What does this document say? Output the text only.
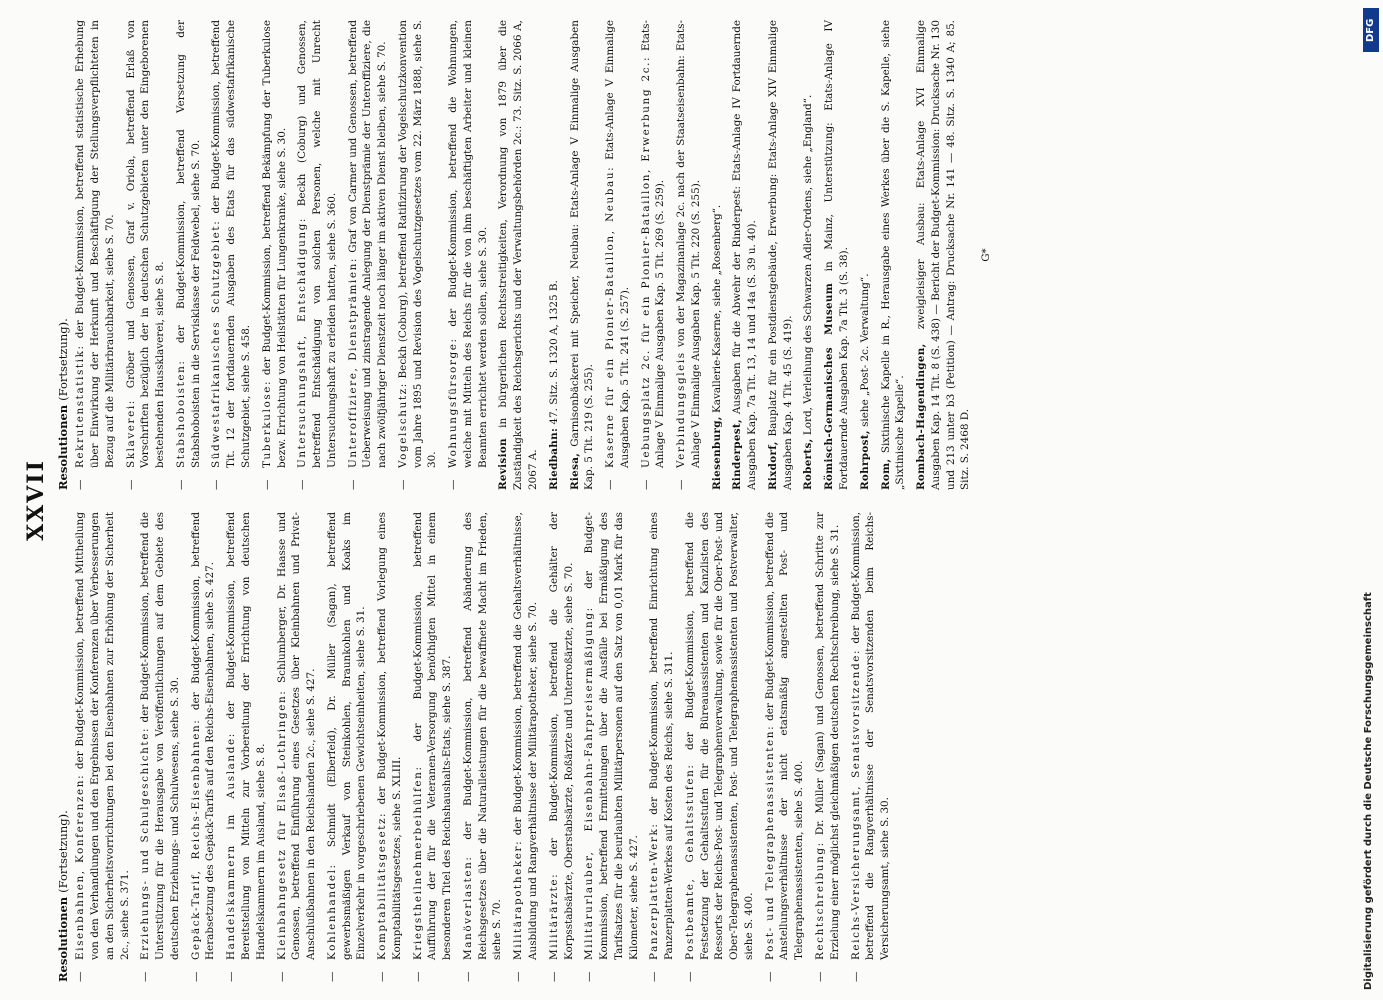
XXVII
Resolutionen (Fortsetzung). — Eisenbahnen, Konferenzen: der Budget-Kommission, betreffend Mittheilung von den Verhandlungen und den Ergebnissen der Konferenzen über Verbesserungen an den Sicherheitsvorrichtungen bei den Eisenbahnen zur Erhöhung der Sicherheit 2c., siehe S. 371. — Erziehungs- und Schulgeschichte: der Budget-Kommission, betreffend die Unterstützung für die Herausgabe von Veröffentlichungen auf dem Gebiete des deutschen Erziehungs- und Schulwesens, siehe S. 30. — Gepäck-Tarif, Reichs-Eisenbahnen: der Budget-Kommission, betreffend Herabsetzung des Gepäck-Tarifs auf den Reichs-Eisenbahnen, siehe S. 427. — Handelskammern im Auslande: der Budget-Kommission, betreffend Bereitstellung von Mitteln zur Vorbereitung der Errichtung von deutschen Handelskammern im Ausland, siehe S. 8. — Kleinbahngesetz für Elsaß-Lothringen: Schlumberger, Dr. Haasse und Genossen, betreffend Einführung eines Gesetzes über Kleinbahnen und Privat-Anschlußbahnen in den Reichslanden 2c., siehe S. 427. — Kohlenhandel: Schmidt (Elberfeld), Dr. Müller (Sagan), betreffend gewerbsmäßigen Verkauf von Steinkohlen, Braunkohlen und Koaks im Einzelverkehr in vorgeschriebenen Gewichtseinheiten, siehe S. 31. — Komptabilitätsgesetz: der Budget-Kommission, betreffend Vorlegung eines Komptabilitätsgesetzes, siehe S. XLIII. — Kriegstheilnehmerbeihülfen: der Budget-Kommission, betreffend Aufführung der für die Veteranen-Versorgung benöthigten Mittel in einem besonderen Titel des Reichshaushalts-Etats, siehe S. 387. — Manöverlasten: der Budget-Kommission, betreffend Abänderung des Reichsgesetzes über die Naturalleistungen für die bewaffnete Macht im Frieden, siehe S. 70. — Militärapotheker: der Budget-Kommission, betreffend die Gehaltsverhältnisse, Ausbildung und Rangverhältnisse der Militärapotheker, siehe S. 70. — Militärärzte: der Budget-Kommission, betreffend die Gehälter der Korpsstabsärzte, Oberstabsärzte, Roßärzte und Unterroßärzte, siehe S. 70. — Militärurlauber, Eisenbahn-Fahrpreisermäßigung: der Budget-Kommission, betreffend Ermittelungen über die Ausfälle bei Ermäßigung des Tarifsatzes für die beurlaubten Militärpersonen auf den Satz von 0,01 Mark für das Kilometer, siehe S. 427. — Panzerplatten-Werk: der Budget-Kommission, betreffend Einrichtung eines Panzerplatten-Werkes auf Kosten des Reichs, siehe S. 311. — Postbeamte, Gehaltsstufen: der Budget-Kommission, betreffend die Festsetzung der Gehaltsstufen für die Büreauassistenten und Kanzlisten des Ressorts der Reichs-Post- und Telegraphenverwaltung, sowie für die Ober-Post- und Ober-Telegraphenassistenten, Post- und Telegraphenassistenten und Postverwalter, siehe S. 400. — Post- und Telegraphenassistenten: der Budget-Kommission, betreffend die Anstellungsverhältnisse der nicht etatsmäßig angestellten Post- und Telegraphenassistenten, siehe S. 400. — Rechtschreibung: Dr. Müller (Sagan) und Genossen, betreffend Schritte zur Erzielung einer möglichst gleichmäßigen deutschen Rechtschreibung, siehe S. 31. — Reichs-Versicherungsamt, Senatsvorsitzende: der Budget-Kommission, betreffend die Rangverhältnisse der Senatsvorsitzenden beim Reichs-Versicherungsamt, siehe S. 30.
Resolutionen (Fortsetzung). — Rekrutenstatistik: der Budget-Kommission, betreffend statistische Erhebung über Einwirkung der Herkunft und Beschäftigung der Stellungsverpflichteten in Bezug auf die Militärbrauchbarkeit, siehe S. 70. — Sklaverei: Gröber und Genossen, Graf v. Oriola, betreffend Erlaß von Vorschriften bezüglich der in deutschen Schutzgebieten unter den Eingeborenen bestehenden Haussklaverei, siehe S. 8. — Stabshoboisten: der Budget-Kommission, betreffend Versetzung der Stabshoboisten in die Servisklasse der Feldwebel, siehe S. 70. — Südwestafrikanisches Schutzgebiet: der Budget-Kommission, betreffend Tit. 12 der fortdauernden Ausgaben des Etats für das südwestafrikanische Schutzgebiet, siehe S. 458. — Tuberkulose: der Budget-Kommission, betreffend Bekämpfung der Tuberkulose bezw. Errichtung von Heilstätten für Lungenkranke, siehe S. 30. — Untersuchungshaft, Entschädigung: Beckh (Coburg) und Genossen, betreffend Entschädigung von solchen Personen, welche mit Unrecht Untersuchungshaft zu erleiden hatten, siehe S. 360. — Unteroffiziere, Dienstprämien: Graf von Carmer und Genossen, betreffend Ueberweisung und zinstragende Anlegung der Dienstprämie der Unteroffiziere, die nach zwölfjähriger Dienstzeit noch länger im aktiven Dienst bleiben, siehe S. 70. — Vogelschutz: Beckh (Coburg), betreffend Ratifizirung der Vogelschutzkonvention vom Jahre 1895 und Revision des Vogelschutzgesetzes vom 22. März 1888, siehe S. 30. — Wohnungsfürsorge: der Budget-Kommission, betreffend die Wohnungen, welche mit Mitteln des Reichs für die von ihm beschäftigten Arbeiter und kleinen Beamten errichtet werden sollen, siehe S. 30. Revision in bürgerlichen Rechtsstreitigkeiten, Verordnung von 1879 über die Zuständigkeit des Reichsgerichts und der Verwaltungsbehörden 2c.: 73. Sitz. S. 2066 A, 2067 A. Riedbahn: 47. Sitz. S. 1320 A, 1325 B.
Riesa, Garnisonbäckerei mit Speicher, Neubau: Etats-Anlage V Einmalige Ausgaben Kap. 5 Tit. 219 (S. 255). — Kaserne für ein Pionier-Bataillon, Neubau: Etats-Anlage V Einmalige Ausgaben Kap. 5 Tit. 241 (S. 257). — Uebungsplatz 2c. für ein Pionier-Bataillon, Erwerbung 2c.: Etats-Anlage V Einmalige Ausgaben Kap. 5 Tit. 269 (S. 259). — Verbindungsgleis von der Magazinanlage 2c. nach der Staatseisenbahn: Etats-Anlage V Einmalige Ausgaben Kap. 5 Tit. 220 (S. 255). Riesenburg, Kavallerie-Kaserne, siehe „Rosenberg“.
Rinderpest, Ausgaben für die Abwehr der Rinderpest: Etats-Anlage IV Fortdauernde Ausgaben Kap. 7a Tit. 13, 14 und 14a (S. 39 u. 40). Rixdorf, Bauplatz für ein Postdienstgebäude, Erwerbung: Etats-Anlage XIV Einmalige Ausgaben Kap. 4 Tit. 45 (S. 419). Roberts, Lord, Verleihung des Schwarzen Adler-Ordens, siehe „England“. Römisch-Germanisches Museum in Mainz, Unterstützung: Etats-Anlage IV Fortdauernde Ausgaben Kap. 7a Tit. 3 (S. 38). Rohrpost, siehe „Post- 2c. Verwaltung“.
Rom, Sixtinische Kapelle in R., Herausgabe eines Werkes über die S. Kapelle, siehe „Sixtinische Kapelle“. Rombach-Hagendingen, zweigleisiger Ausbau: Etats-Anlage XVI Einmalige Ausgaben Kap. 14 Tit. 8 (S. 438) — Bericht der Budget-Kommission: Drucksache Nr. 130 und 213 unter b3 (Petition) — Antrag: Drucksache Nr. 141 — 48. Sitz. S. 1340 A; 85. Sitz. S. 2468 D.
G*
DFG
Digitalisierung gefördert durch die Deutsche Forschungsgemeinschaft
